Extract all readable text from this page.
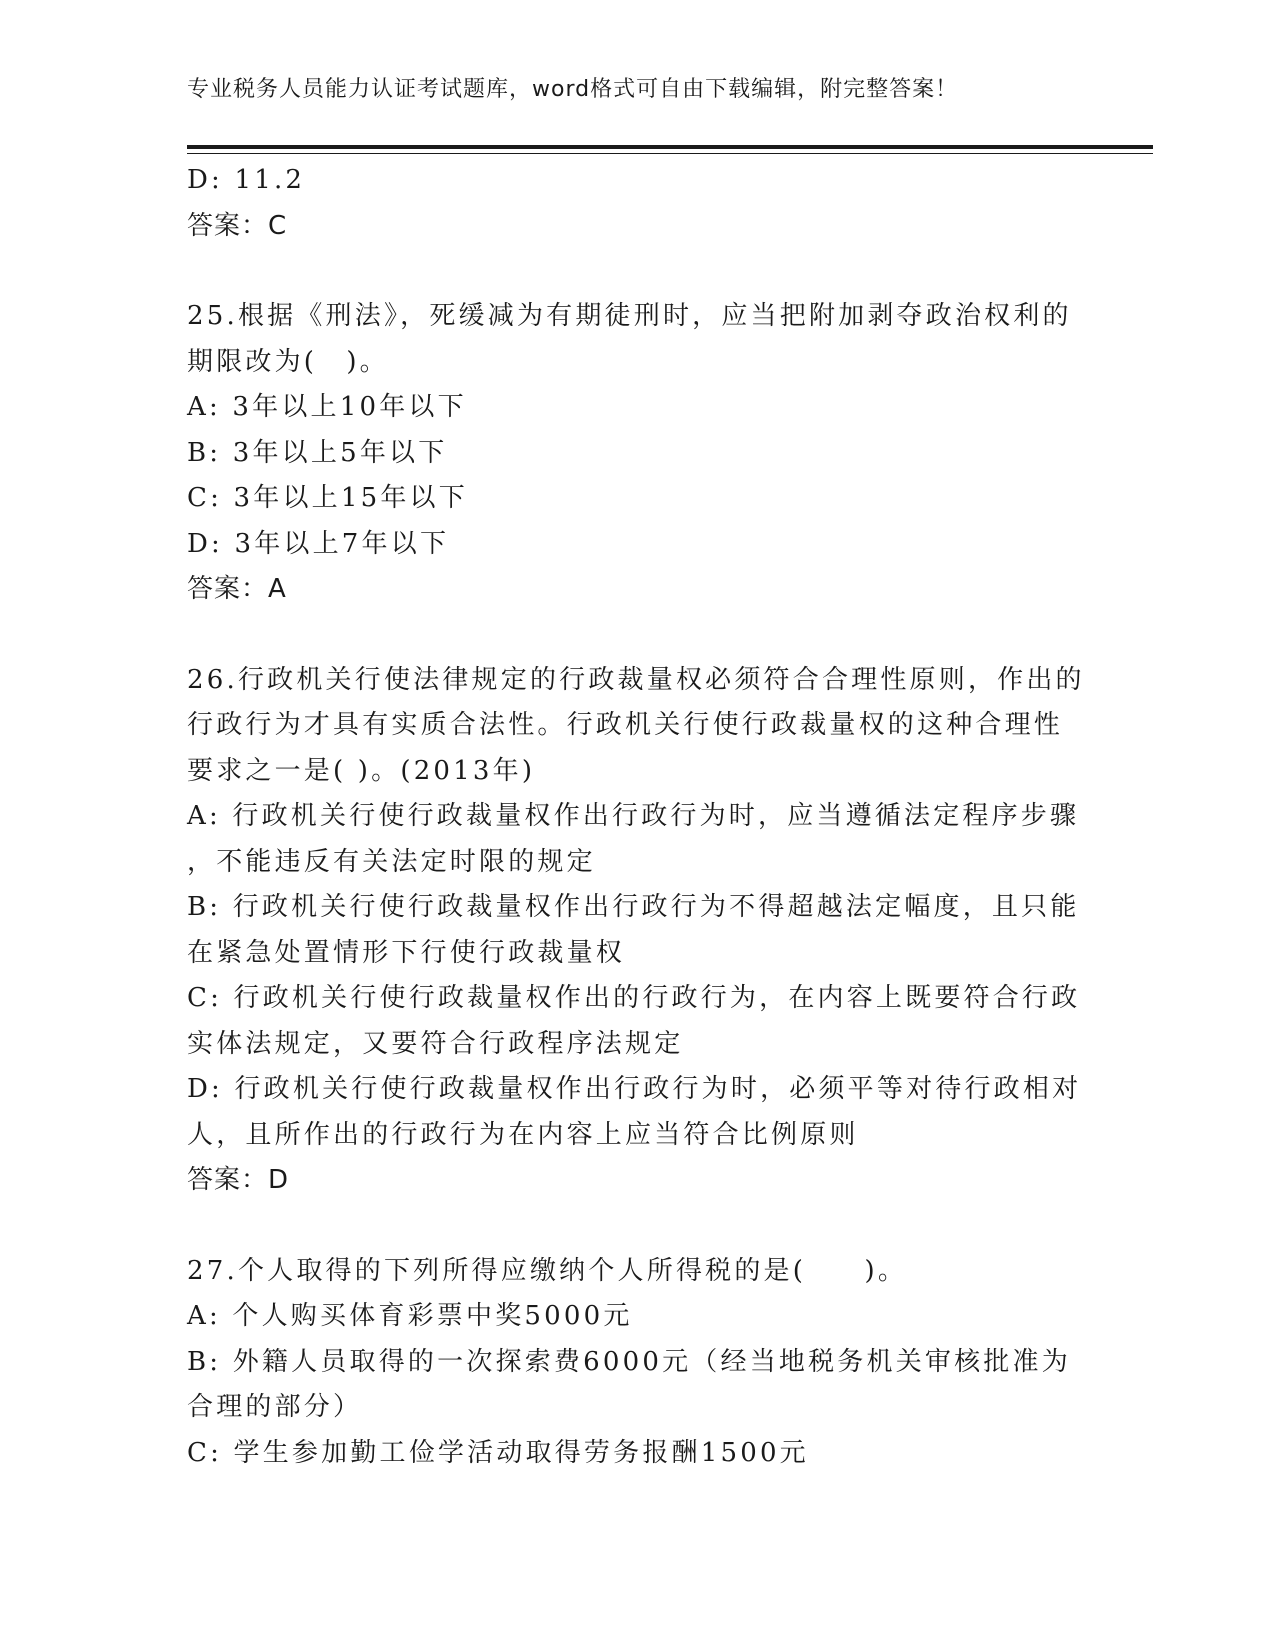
专业税务人员能力认证考试题库，word格式可自由下载编辑，附完整答案！
D: 11.2
答案：C
25.根据《刑法》，死缓减为有期徒刑时，应当把附加剥夺政治权利的
期限改为(　)。
A: 3年以上10年以下
B: 3年以上5年以下
C: 3年以上15年以下
D: 3年以上7年以下
答案：A
26.行政机关行使法律规定的行政裁量权必须符合合理性原则，作出的
行政行为才具有实质合法性。行政机关行使行政裁量权的这种合理性
要求之一是( )。(2013年)
A: 行政机关行使行政裁量权作出行政行为时，应当遵循法定程序步骤
，不能违反有关法定时限的规定
B: 行政机关行使行政裁量权作出行政行为不得超越法定幅度，且只能
在紧急处置情形下行使行政裁量权
C: 行政机关行使行政裁量权作出的行政行为，在内容上既要符合行政
实体法规定，又要符合行政程序法规定
D: 行政机关行使行政裁量权作出行政行为时，必须平等对待行政相对
人，且所作出的行政行为在内容上应当符合比例原则
答案：D
27.个人取得的下列所得应缴纳个人所得税的是(　　)。
A: 个人购买体育彩票中奖5000元
B: 外籍人员取得的一次探索费6000元（经当地税务机关审核批准为
合理的部分）
C: 学生参加勤工俭学活动取得劳务报酬1500元
